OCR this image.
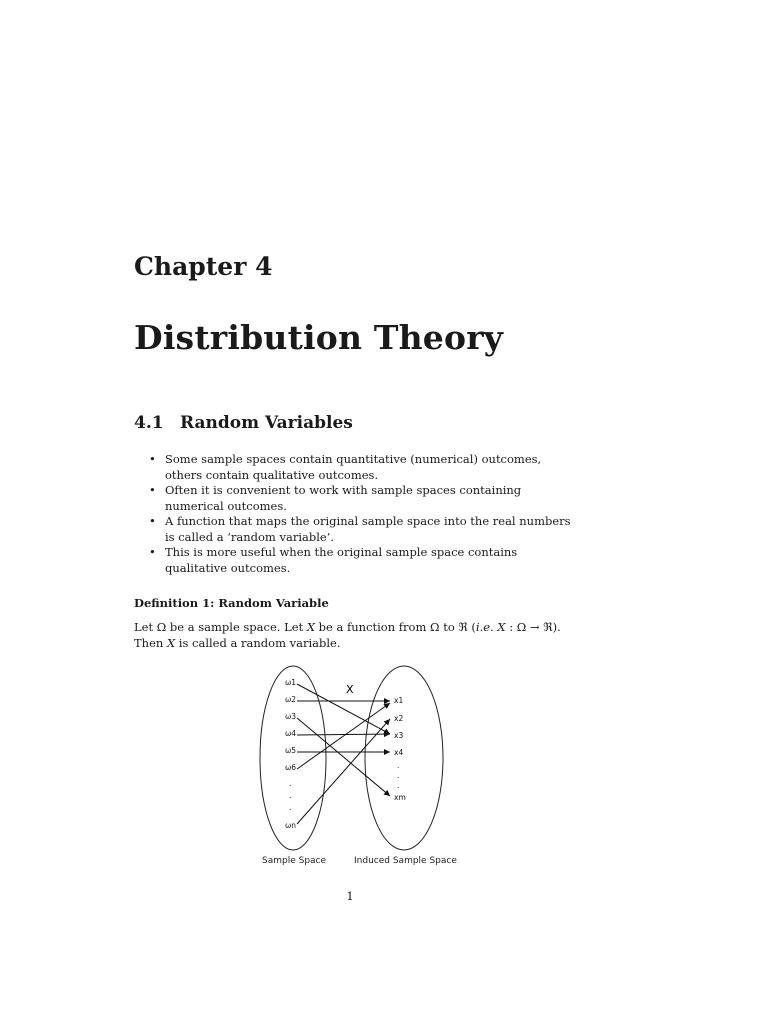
Chapter 4
Distribution Theory
4.1 Random Variables
• Some sample spaces contain quantitative (numerical) outcomes, others contain qualitative outcomes.
• Often it is convenient to work with sample spaces containing numerical outcomes.
• A function that maps the original sample space into the real numbers is called a ‘random variable’.
• This is more useful when the original sample space contains qualitative outcomes.

Definition 1: Random Variable

Let Ω be a sample space. Let X be a function from Ω to ℜ (i.e. X : Ω → ℜ).
Then X is called a random variable.

X
ω1
ω2
ω3
ω4
ω5
ω6
.
.
.
ωn
x1
x2
x3
x4
.
.
.
xm
Sample Space	Induced Sample Space

1
